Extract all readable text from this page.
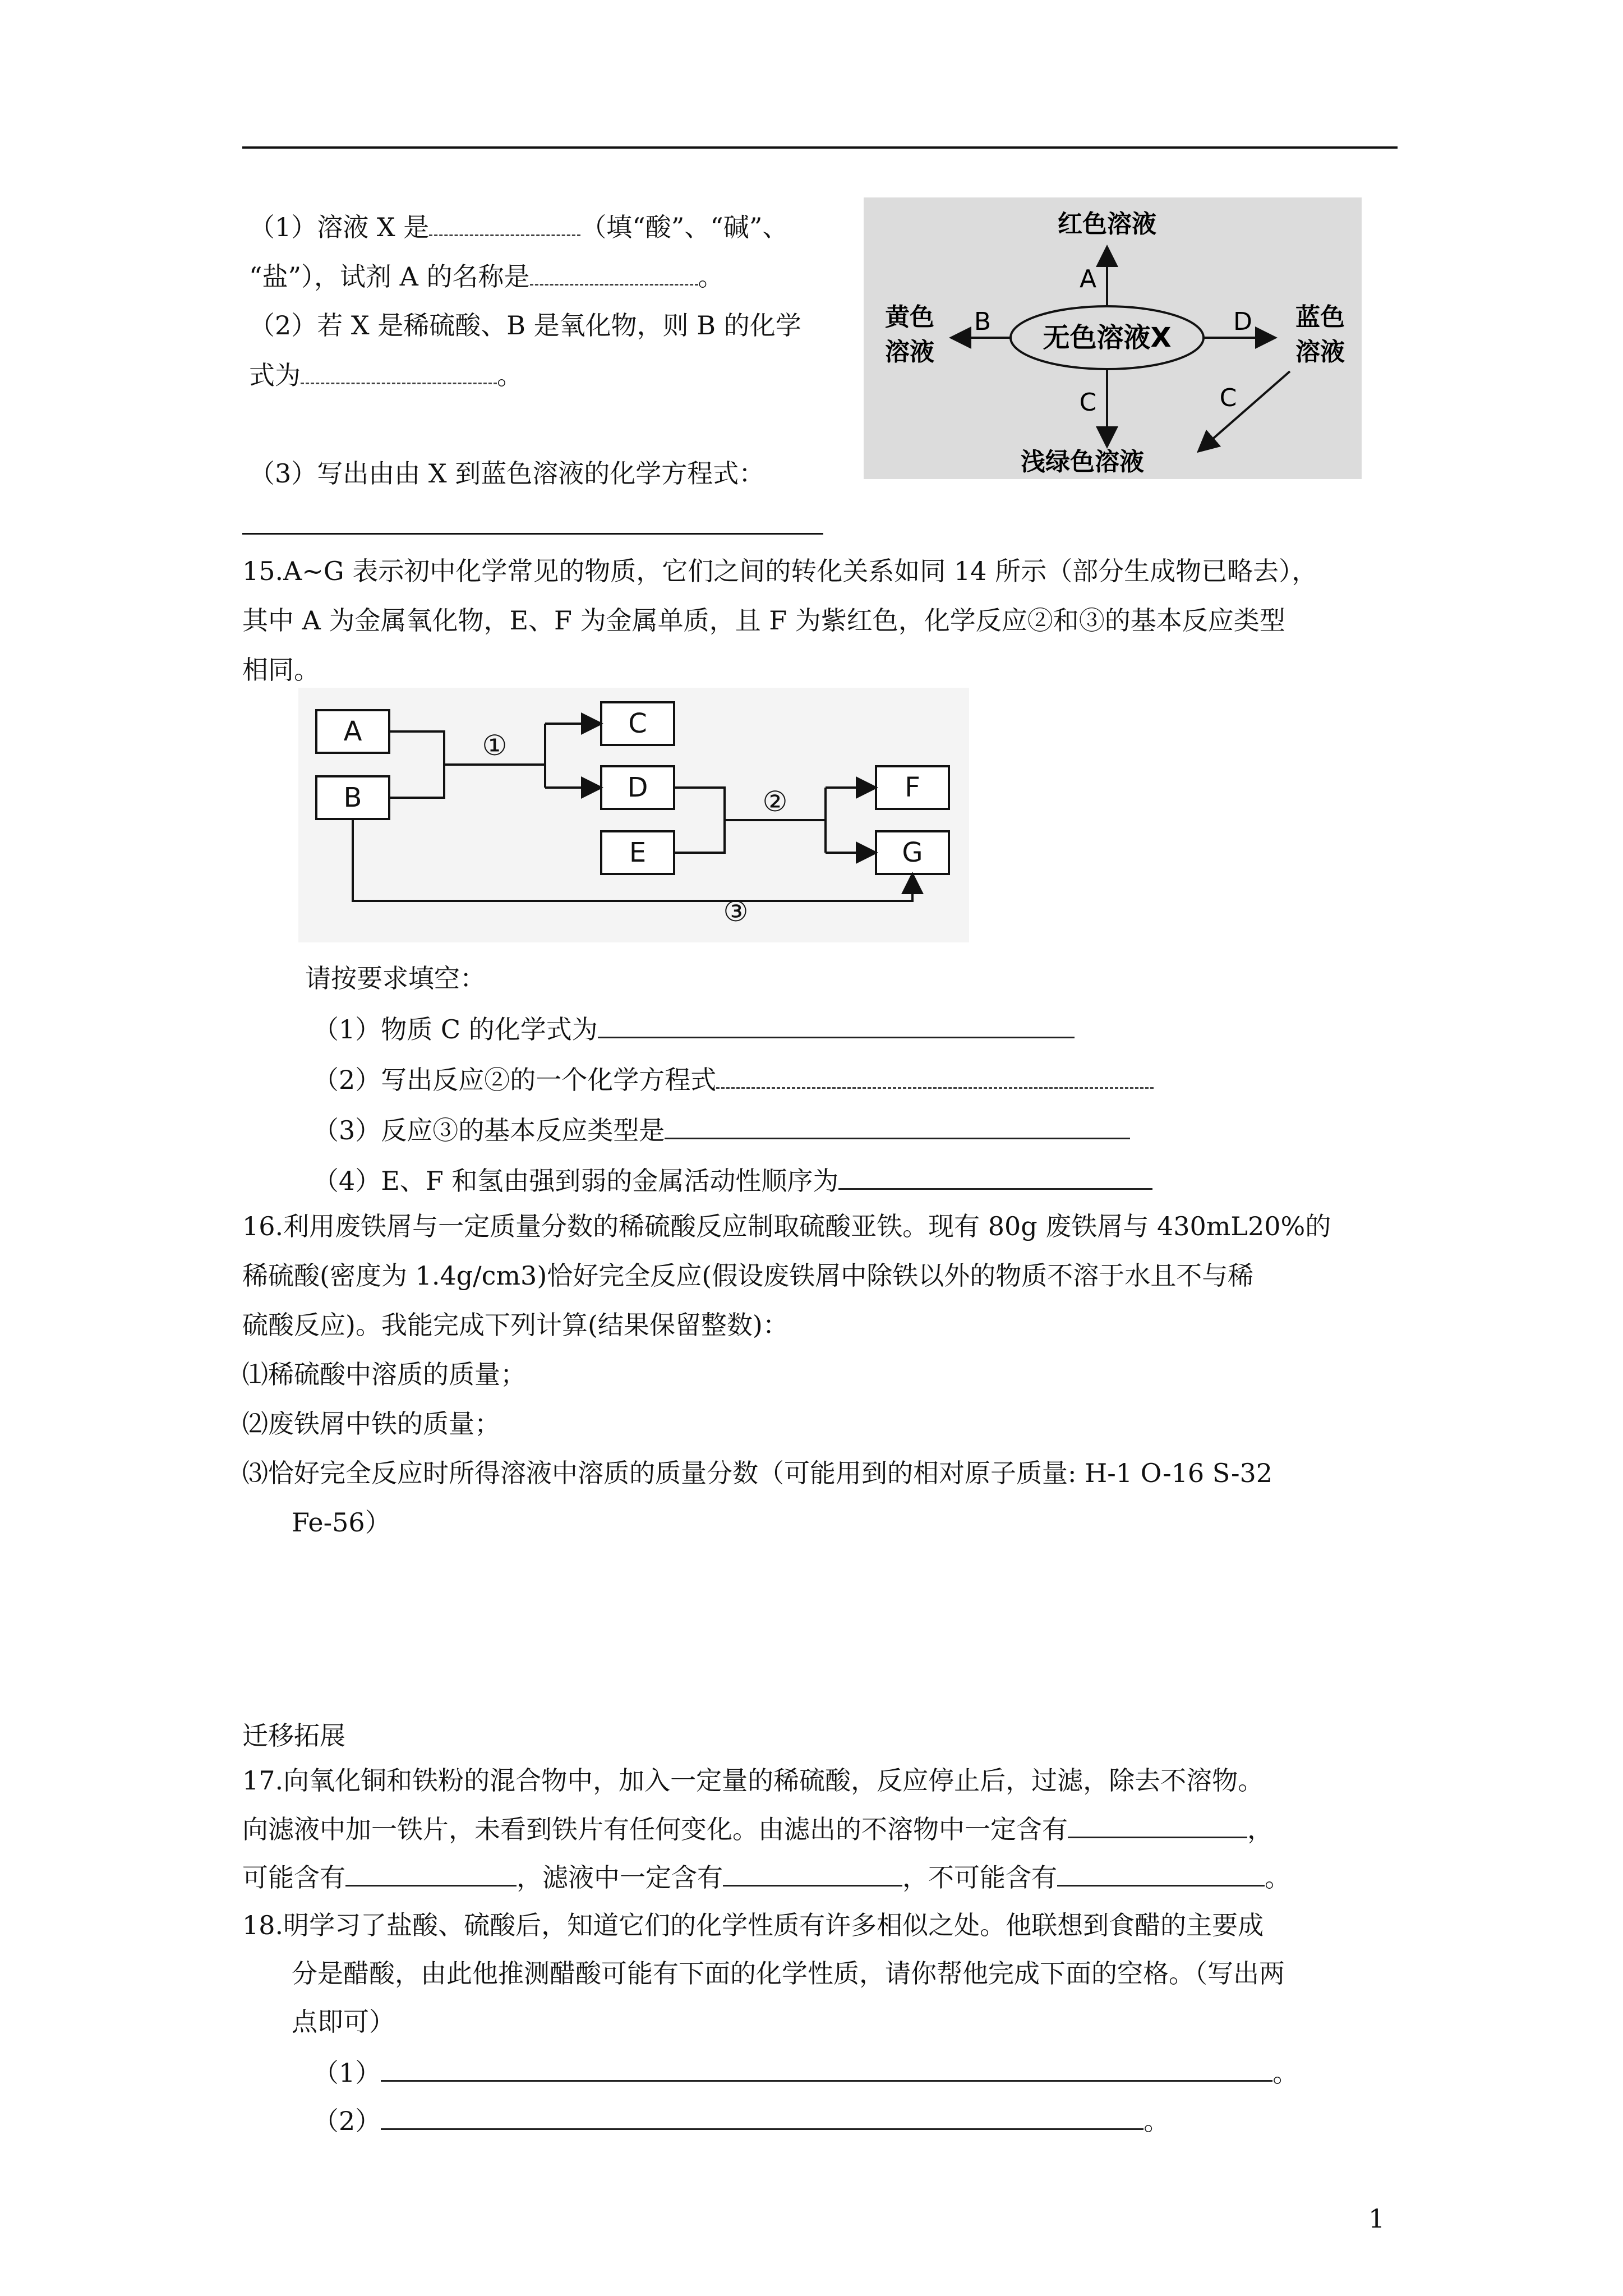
（1）溶液 X 是	（填“酸”、“碱”、
“盐”），试剂 A 的名称是	。
（2）若 X 是稀硫酸、B 是氧化物，则 B 的化学
式为	。
（3）写出由由 X 到蓝色溶液的化学方程式：
无色溶液X
红色溶液
黄色
溶液
蓝色
溶液
浅绿色溶液
A
B	D
C	C
15.A~G 表示初中化学常见的物质，它们之间的转化关系如同 14 所示（部分生成物已略去），
其中 A 为金属氧化物，E、F 为金属单质，且 F 为紫红色，化学反应②和③的基本反应类型
相同。
A
B
C
D
E
F
G
①
②
③
请按要求填空：
（1）物质 C 的化学式为
（2）写出反应②的一个化学方程式
（3）反应③的基本反应类型是
（4）E、F 和氢由强到弱的金属活动性顺序为
16.利用废铁屑与一定质量分数的稀硫酸反应制取硫酸亚铁。现有 80g 废铁屑与 430mL20%的
稀硫酸(密度为 1.4g/cm3)恰好完全反应(假设废铁屑中除铁以外的物质不溶于水且不与稀
硫酸反应)。我能完成下列计算(结果保留整数)：
⑴稀硫酸中溶质的质量；
⑵废铁屑中铁的质量；
⑶恰好完全反应时所得溶液中溶质的质量分数（可能用到的相对原子质量: H-1 O-16 S-32
Fe-56）
迁移拓展
17.向氧化铜和铁粉的混合物中，加入一定量的稀硫酸，反应停止后，过滤，除去不溶物。
向滤液中加一铁片，未看到铁片有任何变化。由滤出的不溶物中一定含有	，
可能含有	，滤液中一定含有	，不可能含有	。
18.明学习了盐酸、硫酸后，知道它们的化学性质有许多相似之处。他联想到食醋的主要成
分是醋酸，由此他推测醋酸可能有下面的化学性质，请你帮他完成下面的空格。（写出两
点即可）
（1）	。
（2）	。
1
